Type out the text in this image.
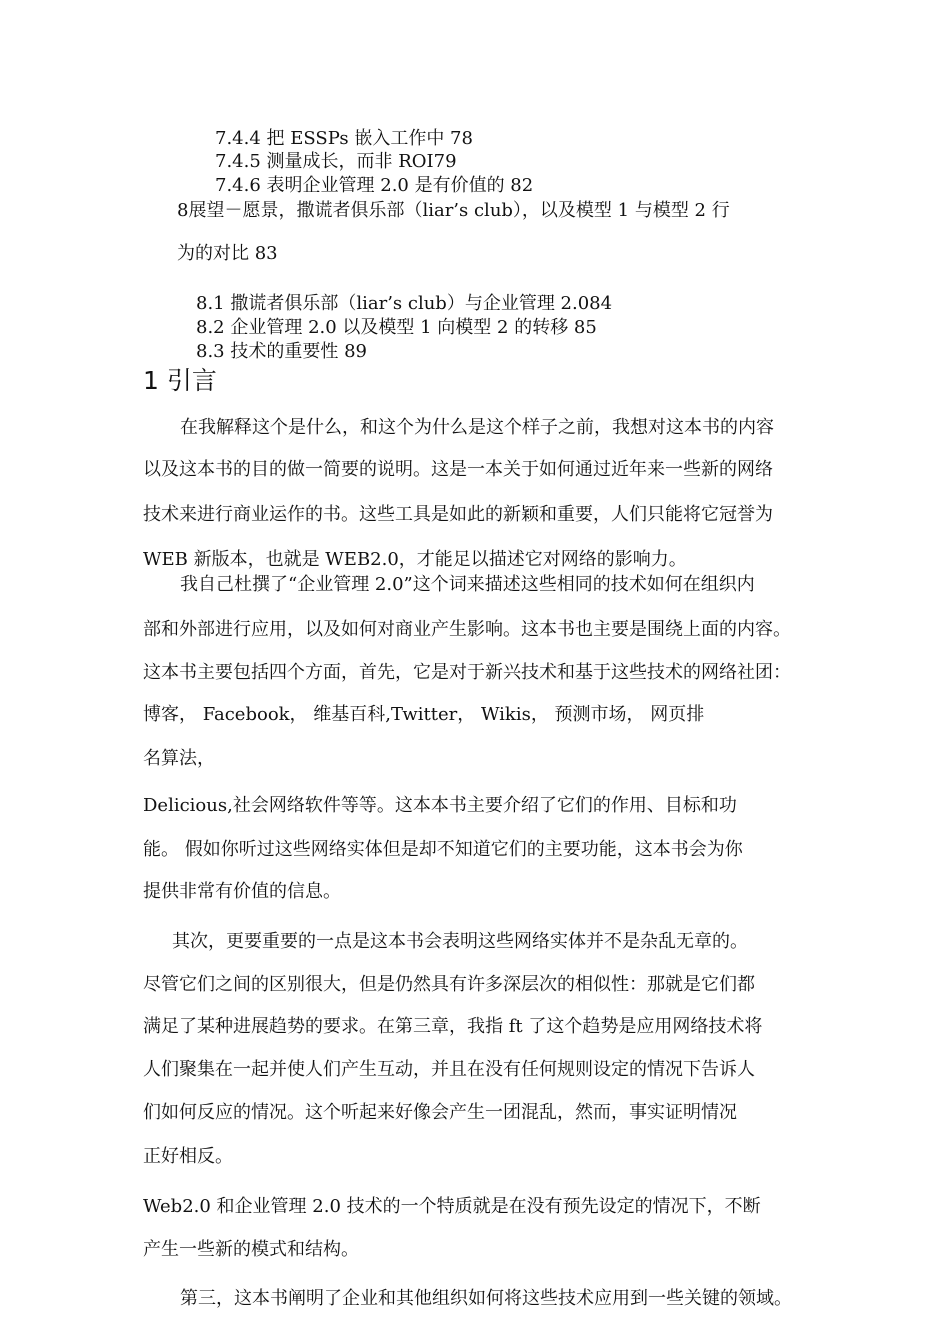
7.4.4 把 ESSPs 嵌入工作中 78
7.4.5 测量成长，而非 ROI79
7.4.6 表明企业管理 2.0 是有价值的 82
8展望－愿景，撒谎者俱乐部（liar’s club），以及模型 1 与模型 2 行
为的对比 83
8.1 撒谎者俱乐部（liar’s club）与企业管理 2.084
8.2 企业管理 2.0 以及模型 1 向模型 2 的转移 85
8.3 技术的重要性 89
1 引言
在我解释这个是什么，和这个为什么是这个样子之前，我想对这本书的内容
以及这本书的目的做一简要的说明。这是一本关于如何通过近年来一些新的网络
技术来进行商业运作的书。这些工具是如此的新颖和重要，人们只能将它冠誉为
WEB 新版本，也就是 WEB2.0，才能足以描述它对网络的影响力。
我自己杜撰了“企业管理 2.0”这个词来描述这些相同的技术如何在组织内
部和外部进行应用，以及如何对商业产生影响。这本书也主要是围绕上面的内容。
这本书主要包括四个方面，首先，它是对于新兴技术和基于这些技术的网络社团：
博客， Facebook， 维基百科,Twitter， Wikis， 预测市场， 网页排
名算法，
Delicious,社会网络软件等等。这本本书主要介绍了它们的作用、目标和功
能。 假如你听过这些网络实体但是却不知道它们的主要功能，这本书会为你
提供非常有价值的信息。
其次，更要重要的一点是这本书会表明这些网络实体并不是杂乱无章的。
尽管它们之间的区别很大，但是仍然具有许多深层次的相似性：那就是它们都
满足了某种进展趋势的要求。在第三章，我指 ft 了这个趋势是应用网络技术将
人们聚集在一起并使人们产生互动，并且在没有任何规则设定的情况下告诉人
们如何反应的情况。这个听起来好像会产生一团混乱，然而，事实证明情况
正好相反。
Web2.0 和企业管理 2.0 技术的一个特质就是在没有预先设定的情况下，不断
产生一些新的模式和结构。
第三，这本书阐明了企业和其他组织如何将这些技术应用到一些关键的领域。
